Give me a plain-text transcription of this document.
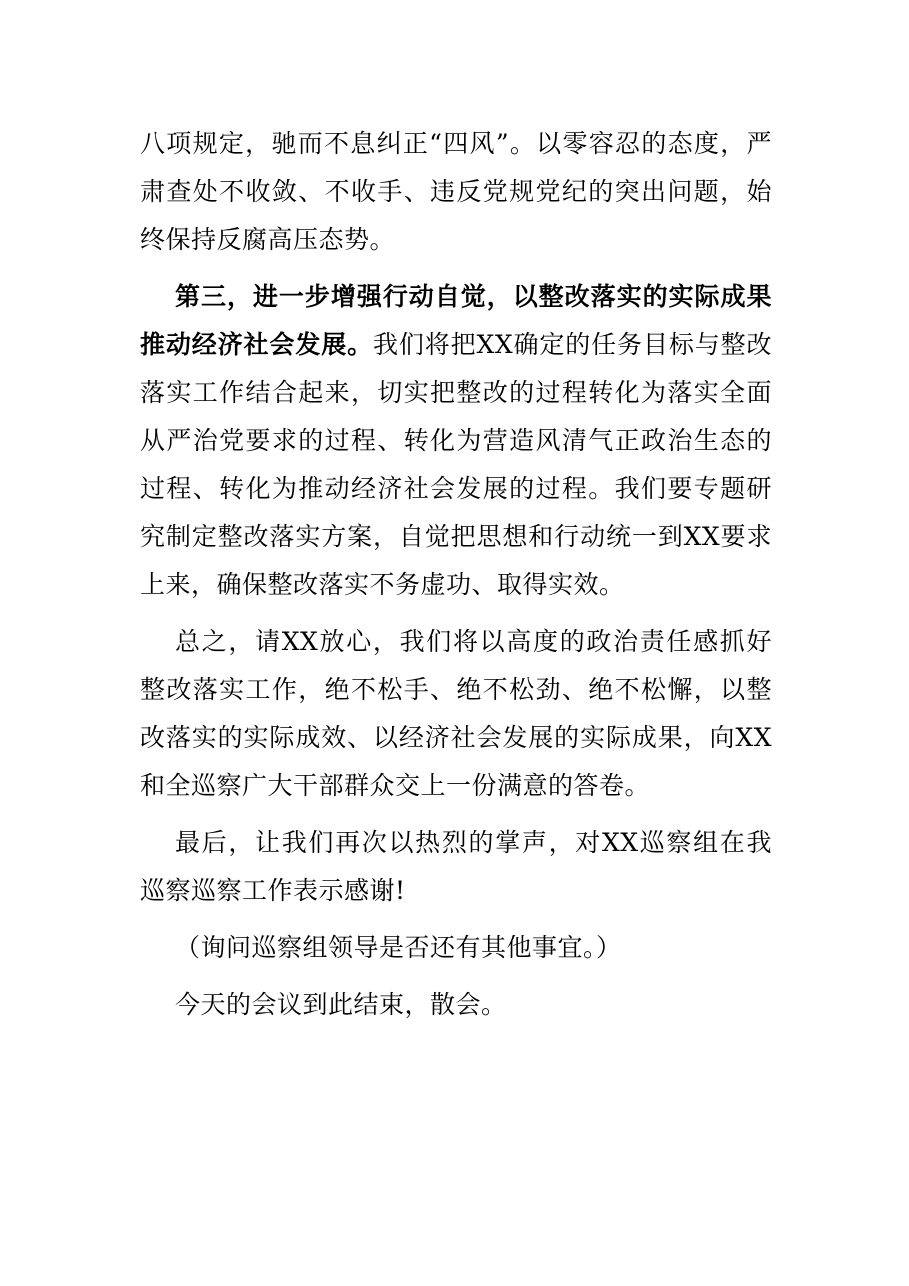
八项规定，驰而不息纠正“四风”。以零容忍的态度，严肃查处不收敛、不收手、违反党规党纪的突出问题，始终保持反腐高压态势。

第三，进一步增强行动自觉，以整改落实的实际成果推动经济社会发展。我们将把XX确定的任务目标与整改落实工作结合起来，切实把整改的过程转化为落实全面从严治党要求的过程、转化为营造风清气正政治生态的过程、转化为推动经济社会发展的过程。我们要专题研究制定整改落实方案，自觉把思想和行动统一到XX要求上来，确保整改落实不务虚功、取得实效。

总之，请XX放心，我们将以高度的政治责任感抓好整改落实工作，绝不松手、绝不松劲、绝不松懈，以整改落实的实际成效、以经济社会发展的实际成果，向XX和全巡察广大干部群众交上一份满意的答卷。

最后，让我们再次以热烈的掌声，对XX巡察组在我巡察巡察工作表示感谢!

（询问巡察组领导是否还有其他事宜。）

今天的会议到此结束，散会。
